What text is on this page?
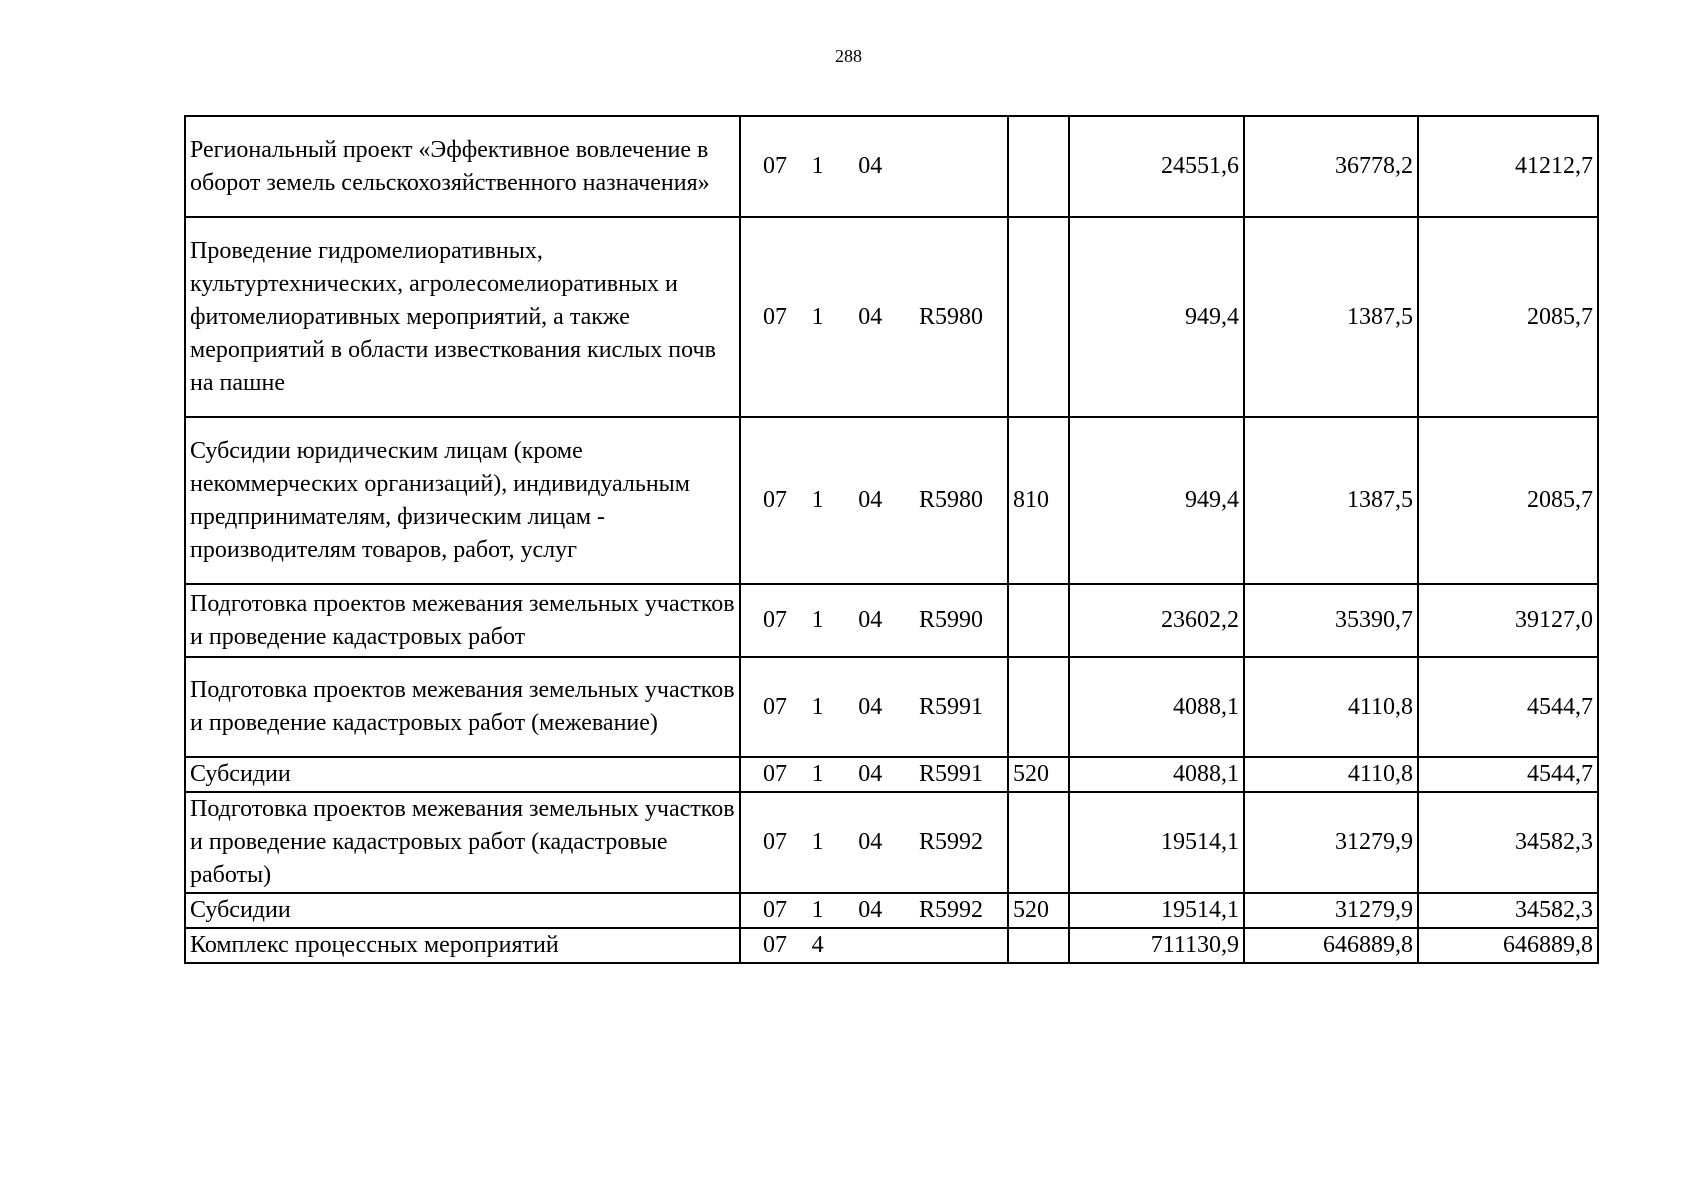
288
Региональный проект «Эффективное вовлечение в оборот земель сельскохозяйственного назначения»	07 1 04		24551,6	36778,2	41212,7
Проведение гидромелиоративных, культуртехнических, агролесомелиоративных и фитомелиоративных мероприятий, а также мероприятий в области известкования кислых почв на пашне	07 1 04 R5980		949,4	1387,5	2085,7
Субсидии юридическим лицам (кроме некоммерческих организаций), индивидуальным предпринимателям, физическим лицам - производителям товаров, работ, услуг	07 1 04 R5980	810	949,4	1387,5	2085,7
Подготовка проектов межевания земельных участков и проведение кадастровых работ	07 1 04 R5990		23602,2	35390,7	39127,0
Подготовка проектов межевания земельных участков и проведение кадастровых работ (межевание)	07 1 04 R5991		4088,1	4110,8	4544,7
Субсидии	07 1 04 R5991	520	4088,1	4110,8	4544,7
Подготовка проектов межевания земельных участков и проведение кадастровых работ (кадастровые работы)	07 1 04 R5992		19514,1	31279,9	34582,3
Субсидии	07 1 04 R5992	520	19514,1	31279,9	34582,3
Комплекс процессных мероприятий	07 4		711130,9	646889,8	646889,8
